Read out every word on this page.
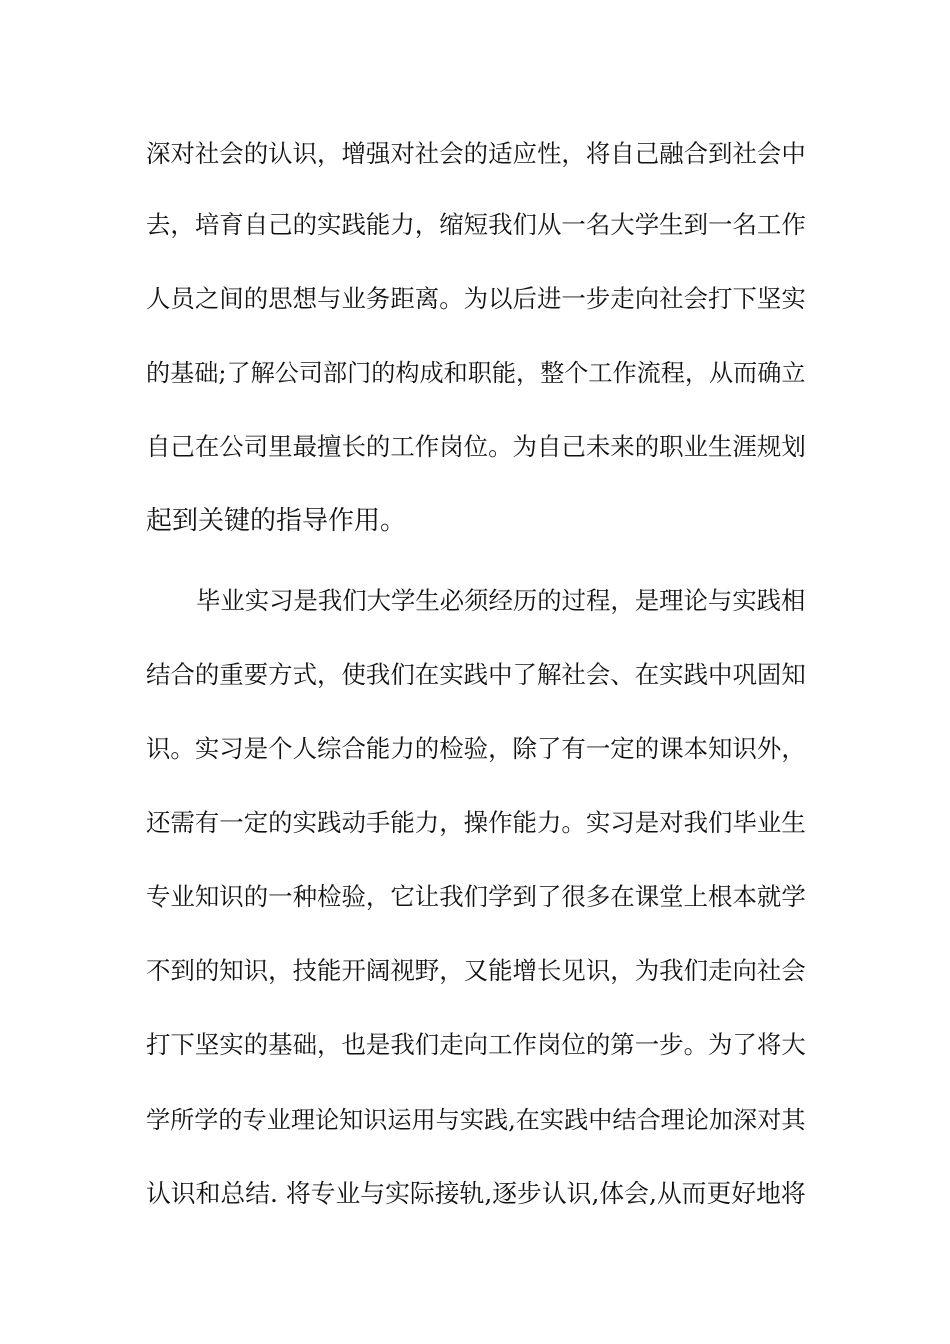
深对社会的认识，增强对社会的适应性，将自己融合到社会中
去，培育自己的实践能力，缩短我们从一名大学生到一名工作
人员之间的思想与业务距离。为以后进一步走向社会打下坚实
的基础;了解公司部门的构成和职能，整个工作流程，从而确立
自己在公司里最擅长的工作岗位。为自己未来的职业生涯规划
起到关键的指导作用。
毕业实习是我们大学生必须经历的过程，是理论与实践相
结合的重要方式，使我们在实践中了解社会、在实践中巩固知
识。实习是个人综合能力的检验，除了有一定的课本知识外，
还需有一定的实践动手能力，操作能力。实习是对我们毕业生
专业知识的一种检验，它让我们学到了很多在课堂上根本就学
不到的知识，技能开阔视野，又能增长见识，为我们走向社会
打下坚实的基础，也是我们走向工作岗位的第一步。为了将大
学所学的专业理论知识运用与实践,在实践中结合理论加深对其
认识和总结. 将专业与实际接轨,逐步认识,体会,从而更好地将
